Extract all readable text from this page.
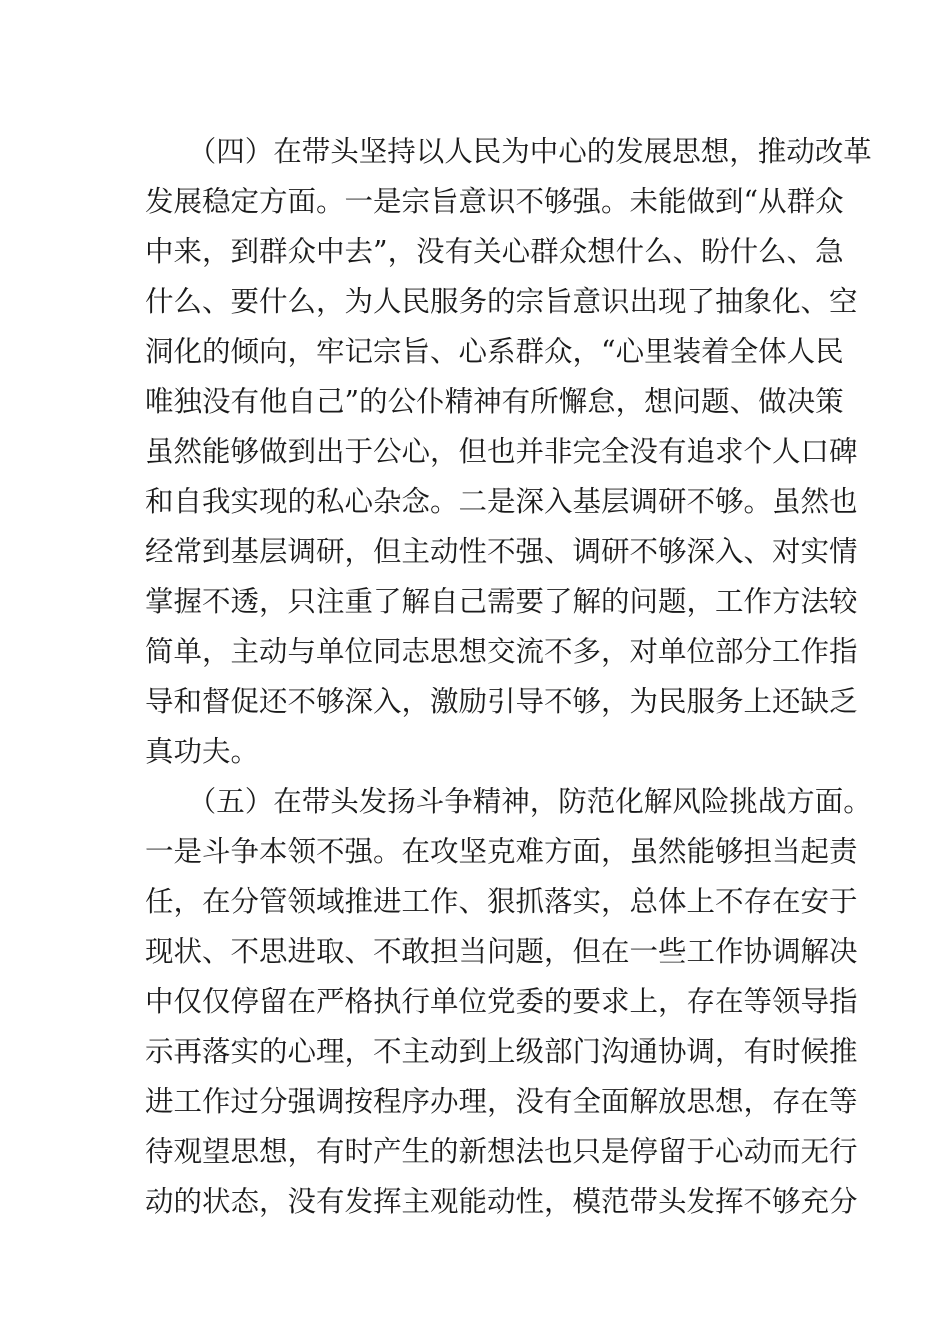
　　（四）在带头坚持以人民为中心的发展思想，推动改革
发展稳定方面。一是宗旨意识不够强。未能做到“从群众
中来，到群众中去”，没有关心群众想什么、盼什么、急
什么、要什么，为人民服务的宗旨意识出现了抽象化、空
洞化的倾向，牢记宗旨、心系群众，“心里装着全体人民
唯独没有他自己”的公仆精神有所懈怠，想问题、做决策
虽然能够做到出于公心，但也并非完全没有追求个人口碑
和自我实现的私心杂念。二是深入基层调研不够。虽然也
经常到基层调研，但主动性不强、调研不够深入、对实情
掌握不透，只注重了解自己需要了解的问题，工作方法较
简单，主动与单位同志思想交流不多，对单位部分工作指
导和督促还不够深入，激励引导不够，为民服务上还缺乏
真功夫。
　　（五）在带头发扬斗争精神，防范化解风险挑战方面。
一是斗争本领不强。在攻坚克难方面，虽然能够担当起责
任，在分管领域推进工作、狠抓落实，总体上不存在安于
现状、不思进取、不敢担当问题，但在一些工作协调解决
中仅仅停留在严格执行单位党委的要求上，存在等领导指
示再落实的心理，不主动到上级部门沟通协调，有时候推
进工作过分强调按程序办理，没有全面解放思想，存在等
待观望思想，有时产生的新想法也只是停留于心动而无行
动的状态，没有发挥主观能动性，模范带头发挥不够充分
